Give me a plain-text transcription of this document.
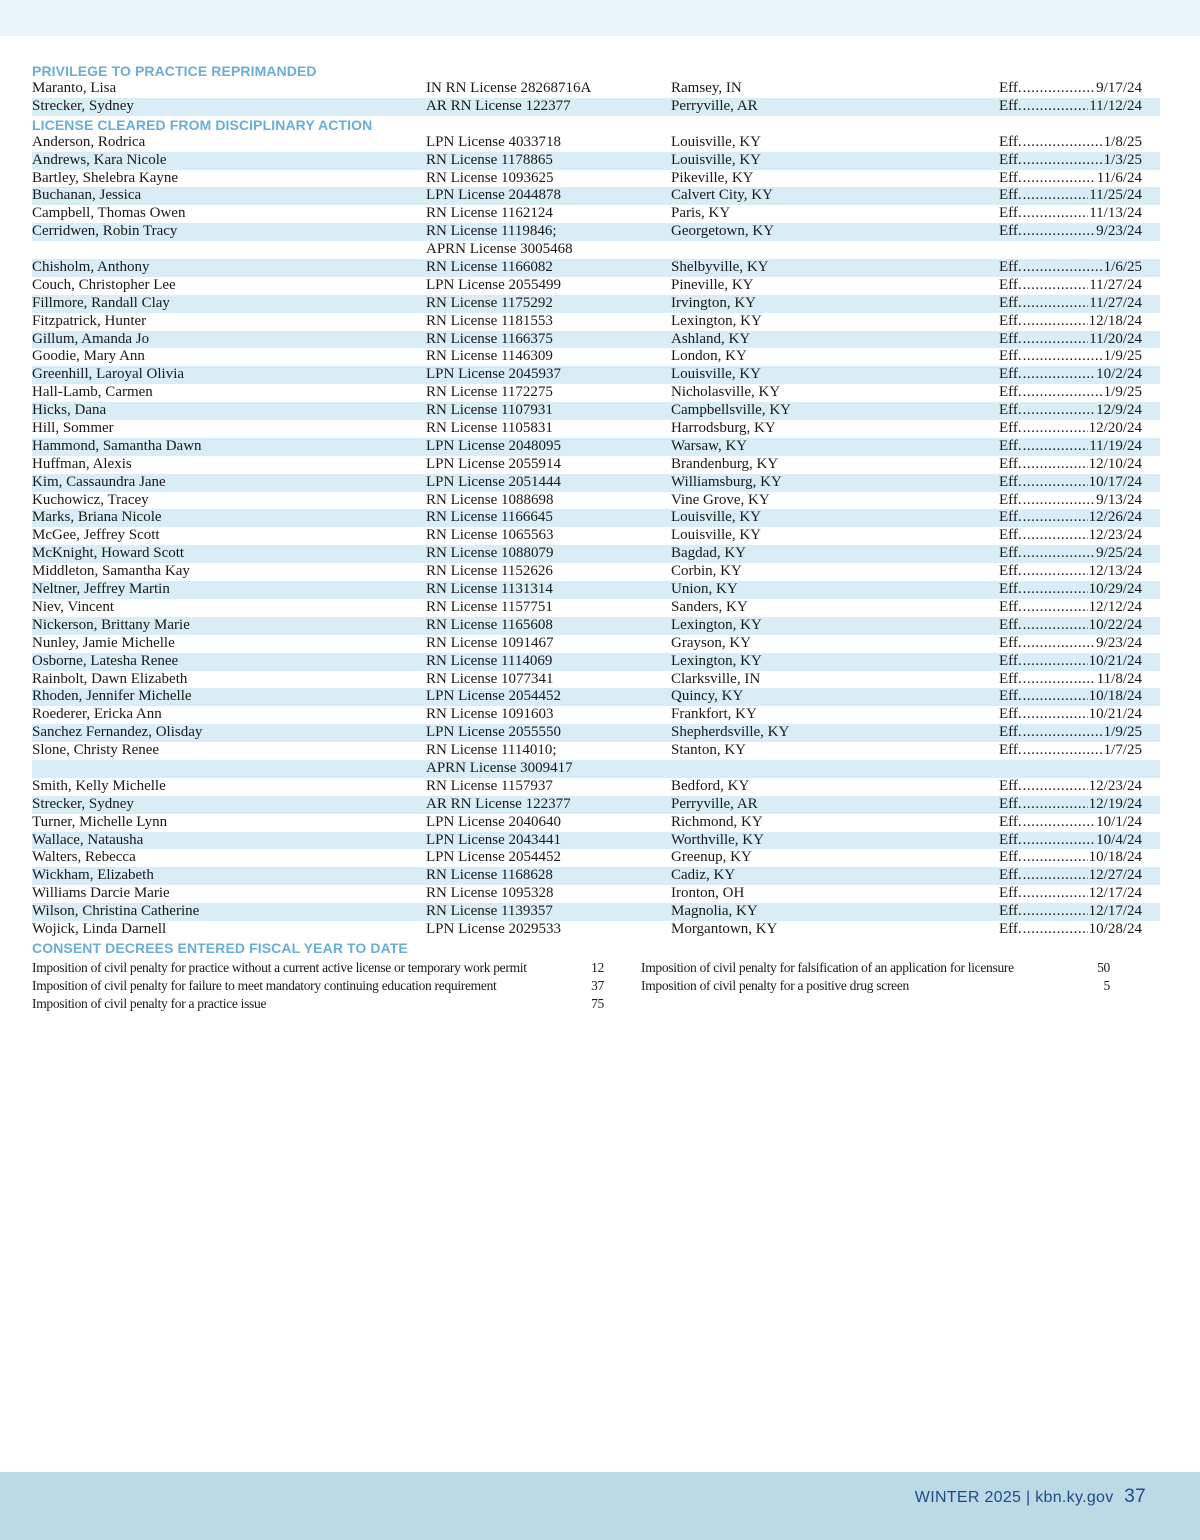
PRIVILEGE TO PRACTICE REPRIMANDED
Maranto, Lisa	IN RN License 28268716A	Ramsey, IN	Eff. .....	9/17/24
Strecker, Sydney	AR RN License 122377	Perryville, AR	Eff. .....	11/12/24
LICENSE CLEARED FROM DISCIPLINARY ACTION
Anderson, Rodrica	LPN License 4033718	Louisville, KY	Eff. .....	1/8/25
Andrews, Kara Nicole	RN License 1178865	Louisville, KY	Eff. .....	1/3/25
Bartley, Shelebra Kayne	RN License 1093625	Pikeville, KY	Eff. .....	11/6/24
Buchanan, Jessica	LPN License 2044878	Calvert City, KY	Eff. .....	11/25/24
Campbell, Thomas Owen	RN License 1162124	Paris, KY	Eff. .....	11/13/24
Cerridwen, Robin Tracy	RN License 1119846;	Georgetown, KY	Eff. .....	9/23/24
APRN License 3005468
Chisholm, Anthony	RN License 1166082	Shelbyville, KY	Eff. .....	1/6/25
Couch, Christopher Lee	LPN License 2055499	Pineville, KY	Eff. .....	11/27/24
Fillmore, Randall Clay	RN License 1175292	Irvington, KY	Eff. .....	11/27/24
Fitzpatrick, Hunter	RN License 1181553	Lexington, KY	Eff. .....	12/18/24
Gillum, Amanda Jo	RN License 1166375	Ashland, KY	Eff. .....	11/20/24
Goodie, Mary Ann	RN License 1146309	London, KY	Eff. .....	1/9/25
Greenhill, Laroyal Olivia	LPN License 2045937	Louisville, KY	Eff. .....	10/2/24
Hall-Lamb, Carmen	RN License 1172275	Nicholasville, KY	Eff. .....	1/9/25
Hicks, Dana	RN License 1107931	Campbellsville, KY	Eff. .....	12/9/24
Hill, Sommer	RN License 1105831	Harrodsburg, KY	Eff. .....	12/20/24
Hammond, Samantha Dawn	LPN License 2048095	Warsaw, KY	Eff. .....	11/19/24
Huffman, Alexis	LPN License 2055914	Brandenburg, KY	Eff. .....	12/10/24
Kim, Cassaundra Jane	LPN License 2051444	Williamsburg, KY	Eff. .....	10/17/24
Kuchowicz, Tracey	RN License 1088698	Vine Grove, KY	Eff. .....	9/13/24
Marks, Briana Nicole	RN License 1166645	Louisville, KY	Eff. .....	12/26/24
McGee, Jeffrey Scott	RN License 1065563	Louisville, KY	Eff. .....	12/23/24
McKnight, Howard Scott	RN License 1088079	Bagdad, KY	Eff. .....	9/25/24
Middleton, Samantha Kay	RN License 1152626	Corbin, KY	Eff. .....	12/13/24
Neltner, Jeffrey Martin	RN License 1131314	Union, KY	Eff. .....	10/29/24
Niev, Vincent	RN License 1157751	Sanders, KY	Eff. .....	12/12/24
Nickerson, Brittany Marie	RN License 1165608	Lexington, KY	Eff. .....	10/22/24
Nunley, Jamie Michelle	RN License 1091467	Grayson, KY	Eff. .....	9/23/24
Osborne, Latesha Renee	RN License 1114069	Lexington, KY	Eff. .....	10/21/24
Rainbolt, Dawn Elizabeth	RN License 1077341	Clarksville, IN	Eff. .....	11/8/24
Rhoden, Jennifer Michelle	LPN License 2054452	Quincy, KY	Eff. .....	10/18/24
Roederer, Ericka Ann	RN License 1091603	Frankfort, KY	Eff. .....	10/21/24
Sanchez Fernandez, Olisday	LPN License 2055550	Shepherdsville, KY	Eff. .....	1/9/25
Slone, Christy Renee	RN License 1114010;	Stanton, KY	Eff. .....	1/7/25
APRN License 3009417
Smith, Kelly Michelle	RN License 1157937	Bedford, KY	Eff. .....	12/23/24
Strecker, Sydney	AR RN License 122377	Perryville, AR	Eff. .....	12/19/24
Turner, Michelle Lynn	LPN License 2040640	Richmond, KY	Eff. .....	10/1/24
Wallace, Natausha	LPN License 2043441	Worthville, KY	Eff. .....	10/4/24
Walters, Rebecca	LPN License 2054452	Greenup, KY	Eff. .....	10/18/24
Wickham, Elizabeth	RN License 1168628	Cadiz, KY	Eff. .....	12/27/24
Williams Darcie Marie	RN License 1095328	Ironton, OH	Eff. .....	12/17/24
Wilson, Christina Catherine	RN License 1139357	Magnolia, KY	Eff. .....	12/17/24
Wojick, Linda Darnell	LPN License 2029533	Morgantown, KY	Eff. .....	10/28/24
CONSENT DECREES ENTERED FISCAL YEAR TO DATE
Imposition of civil penalty for practice without a current active license or temporary work permit	12	Imposition of civil penalty for falsification of an application for licensure	50
Imposition of civil penalty for failure to meet mandatory continuing education requirement	37	Imposition of civil penalty for a positive drug screen	5
Imposition of civil penalty for a practice issue	75
WINTER 2025 | kbn.ky.gov 37
